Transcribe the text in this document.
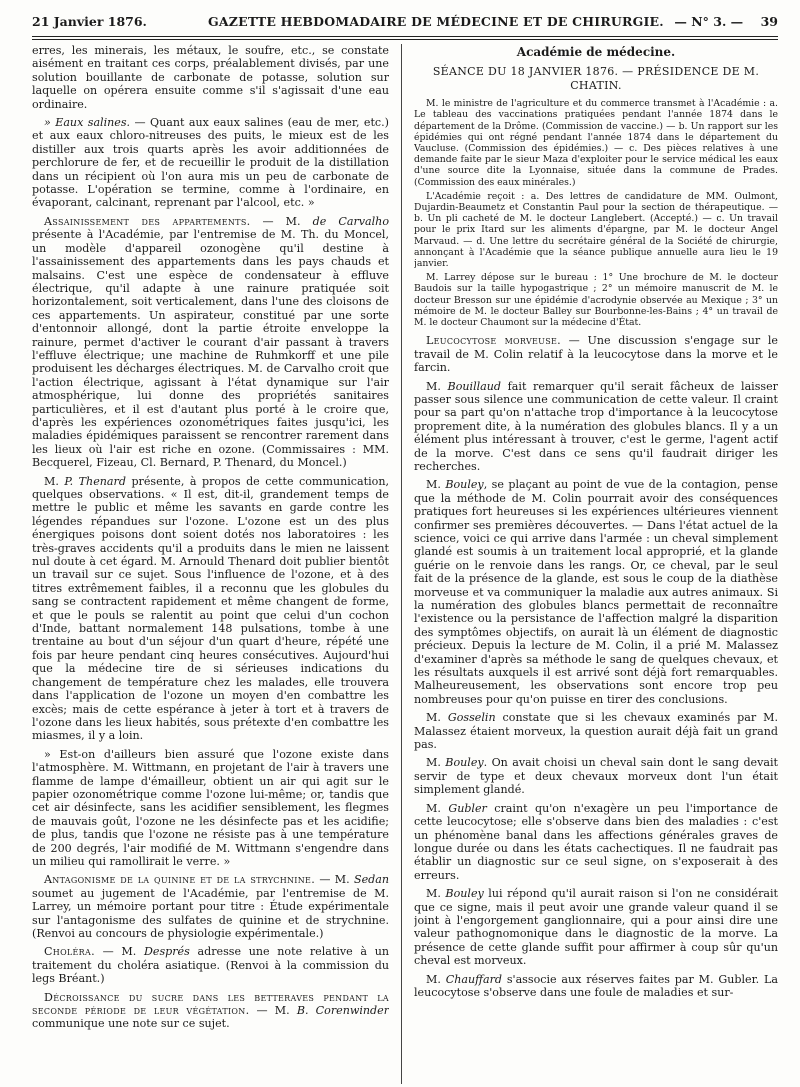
21 Janvier 1876.	GAZETTE HEBDOMADAIRE DE MÉDECINE ET DE CHIRURGIE. — N° 3. — 39

erres, les minerais, les métaux, le soufre, etc., se constate aisément en traitant ces corps, préalablement divisés, par une solution bouillante de carbonate de potasse, solution sur laquelle on opérera ensuite comme s'il s'agissait d'une eau ordinaire.

» Eaux salines. — Quant aux eaux salines (eau de mer, etc.) et aux eaux chloro-nitreuses des puits, le mieux est de les distiller aux trois quarts après les avoir additionnées de perchlorure de fer, et de recueillir le produit de la distillation dans un récipient où l'on aura mis un peu de carbonate de potasse. L'opération se termine, comme à l'ordinaire, en évaporant, calcinant, reprenant par l'alcool, etc. »

Assainissement des appartements. — M. de Carvalho présente à l'Académie, par l'entremise de M. Th. du Moncel, un modèle d'appareil ozonogène qu'il destine à l'assainissement des appartements dans les pays chauds et malsains. C'est une espèce de condensateur à effluve électrique, qu'il adapte à une rainure pratiquée soit horizontalement, soit verticalement, dans l'une des cloisons de ces appartements. Un aspirateur, constitué par une sorte d'entonnoir allongé, dont la partie étroite enveloppe la rainure, permet d'activer le courant d'air passant à travers l'effluve électrique; une machine de Ruhmkorff et une pile produisent les décharges électriques. M. de Carvalho croit que l'action électrique, agissant à l'état dynamique sur l'air atmosphérique, lui donne des propriétés sanitaires particulières, et il est d'autant plus porté à le croire que, d'après les expériences ozonométriques faites jusqu'ici, les maladies épidémiques paraissent se rencontrer rarement dans les lieux où l'air est riche en ozone. (Commissaires : MM. Becquerel, Fizeau, Cl. Bernard, P. Thenard, du Moncel.)

M. P. Thenard présente, à propos de cette communication, quelques observations. « Il est, dit-il, grandement temps de mettre le public et même les savants en garde contre les légendes répandues sur l'ozone. L'ozone est un des plus énergiques poisons dont soient dotés nos laboratoires : les très-graves accidents qu'il a produits dans le mien ne laissent nul doute à cet égard. M. Arnould Thenard doit publier bientôt un travail sur ce sujet. Sous l'influence de l'ozone, et à des titres extrêmement faibles, il a reconnu que les globules du sang se contractent rapidement et même changent de forme, et que le pouls se ralentit au point que celui d'un cochon d'Inde, battant normalement 148 pulsations, tombe à une trentaine au bout d'un séjour d'un quart d'heure, répété une fois par heure pendant cinq heures consécutives. Aujourd'hui que la médecine tire de si sérieuses indications du changement de température chez les malades, elle trouvera dans l'application de l'ozone un moyen d'en combattre les excès; mais de cette espérance à jeter à tort et à travers de l'ozone dans les lieux habités, sous prétexte d'en combattre les miasmes, il y a loin.

» Est-on d'ailleurs bien assuré que l'ozone existe dans l'atmosphère. M. Wittmann, en projetant de l'air à travers une flamme de lampe d'émailleur, obtient un air qui agit sur le papier ozonométrique comme l'ozone lui-même; or, tandis que cet air désinfecte, sans les acidifier sensiblement, les flegmes de mauvais goût, l'ozone ne les désinfecte pas et les acidifie; de plus, tandis que l'ozone ne résiste pas à une température de 200 degrés, l'air modifié de M. Wittmann s'engendre dans un milieu qui ramollirait le verre. »

Antagonisme de la quinine et de la strychnine. — M. Sedan soumet au jugement de l'Académie, par l'entremise de M. Larrey, un mémoire portant pour titre : Étude expérimentale sur l'antagonisme des sulfates de quinine et de strychnine. (Renvoi au concours de physiologie expérimentale.)

Choléra. — M. Després adresse une note relative à un traitement du choléra asiatique. (Renvoi à la commission du legs Bréant.)

Décroissance du sucre dans les betteraves pendant la seconde période de leur végétation. — M. B. Corenwinder communique une note sur ce sujet.

Académie de médecine.
SÉANCE DU 18 JANVIER 1876. — PRÉSIDENCE DE M. CHATIN.

M. le ministre de l'agriculture et du commerce transmet à l'Académie : a. Le tableau des vaccinations pratiquées pendant l'année 1874 dans le département de la Drôme. (Commission de vaccine.) — b. Un rapport sur les épidémies qui ont régné pendant l'année 1874 dans le département du Vaucluse. (Commission des épidémies.) — c. Des pièces relatives à une demande faite par le sieur Maza d'exploiter pour le service médical les eaux d'une source dite la Lyonnaise, située dans la commune de Prades. (Commission des eaux minérales.)

L'Académie reçoit : a. Des lettres de candidature de MM. Oulmont, Dujardin-Beaumetz et Constantin Paul pour la section de thérapeutique. — b. Un pli cacheté de M. le docteur Langlebert. (Accepté.) — c. Un travail pour le prix Itard sur les aliments d'épargne, par M. le docteur Angel Marvaud. — d. Une lettre du secrétaire général de la Société de chirurgie, annonçant à l'Académie que la séance publique annuelle aura lieu le 19 janvier.

M. Larrey dépose sur le bureau : 1° Une brochure de M. le docteur Baudois sur la taille hypogastrique ; 2° un mémoire manuscrit de M. le docteur Bresson sur une épidémie d'acrodynie observée au Mexique ; 3° un mémoire de M. le docteur Balley sur Bourbonne-les-Bains ; 4° un travail de M. le docteur Chaumont sur la médecine d'État.

Leucocytose morveuse. — Une discussion s'engage sur le travail de M. Colin relatif à la leucocytose dans la morve et le farcin.

M. Bouillaud fait remarquer qu'il serait fâcheux de laisser passer sous silence une communication de cette valeur. Il craint pour sa part qu'on n'attache trop d'importance à la leucocytose proprement dite, à la numération des globules blancs. Il y a un élément plus intéressant à trouver, c'est le germe, l'agent actif de la morve. C'est dans ce sens qu'il faudrait diriger les recherches.

M. Bouley, se plaçant au point de vue de la contagion, pense que la méthode de M. Colin pourrait avoir des conséquences pratiques fort heureuses si les expériences ultérieures viennent confirmer ses premières découvertes. — Dans l'état actuel de la science, voici ce qui arrive dans l'armée : un cheval simplement glandé est soumis à un traitement local approprié, et la glande guérie on le renvoie dans les rangs. Or, ce cheval, par le seul fait de la présence de la glande, est sous le coup de la diathèse morveuse et va communiquer la maladie aux autres animaux. Si la numération des globules blancs permettait de reconnaître l'existence ou la persistance de l'affection malgré la disparition des symptômes objectifs, on aurait là un élément de diagnostic précieux. Depuis la lecture de M. Colin, il a prié M. Malassez d'examiner d'après sa méthode le sang de quelques chevaux, et les résultats auxquels il est arrivé sont déjà fort remarquables. Malheureusement, les observations sont encore trop peu nombreuses pour qu'on puisse en tirer des conclusions.

M. Gosselin constate que si les chevaux examinés par M. Malassez étaient morveux, la question aurait déjà fait un grand pas.

M. Bouley. On avait choisi un cheval sain dont le sang devait servir de type et deux chevaux morveux dont l'un était simplement glandé.

M. Gubler craint qu'on n'exagère un peu l'importance de cette leucocytose; elle s'observe dans bien des maladies : c'est un phénomène banal dans les affections générales graves de longue durée ou dans les états cachectiques. Il ne faudrait pas établir un diagnostic sur ce seul signe, on s'exposerait à des erreurs.

M. Bouley lui répond qu'il aurait raison si l'on ne considérait que ce signe, mais il peut avoir une grande valeur quand il se joint à l'engorgement ganglionnaire, qui a pour ainsi dire une valeur pathognomonique dans le diagnostic de la morve. La présence de cette glande suffit pour affirmer à coup sûr qu'un cheval est morveux.

M. Chauffard s'associe aux réserves faites par M. Gubler. La leucocytose s'observe dans une foule de maladies et sur-
